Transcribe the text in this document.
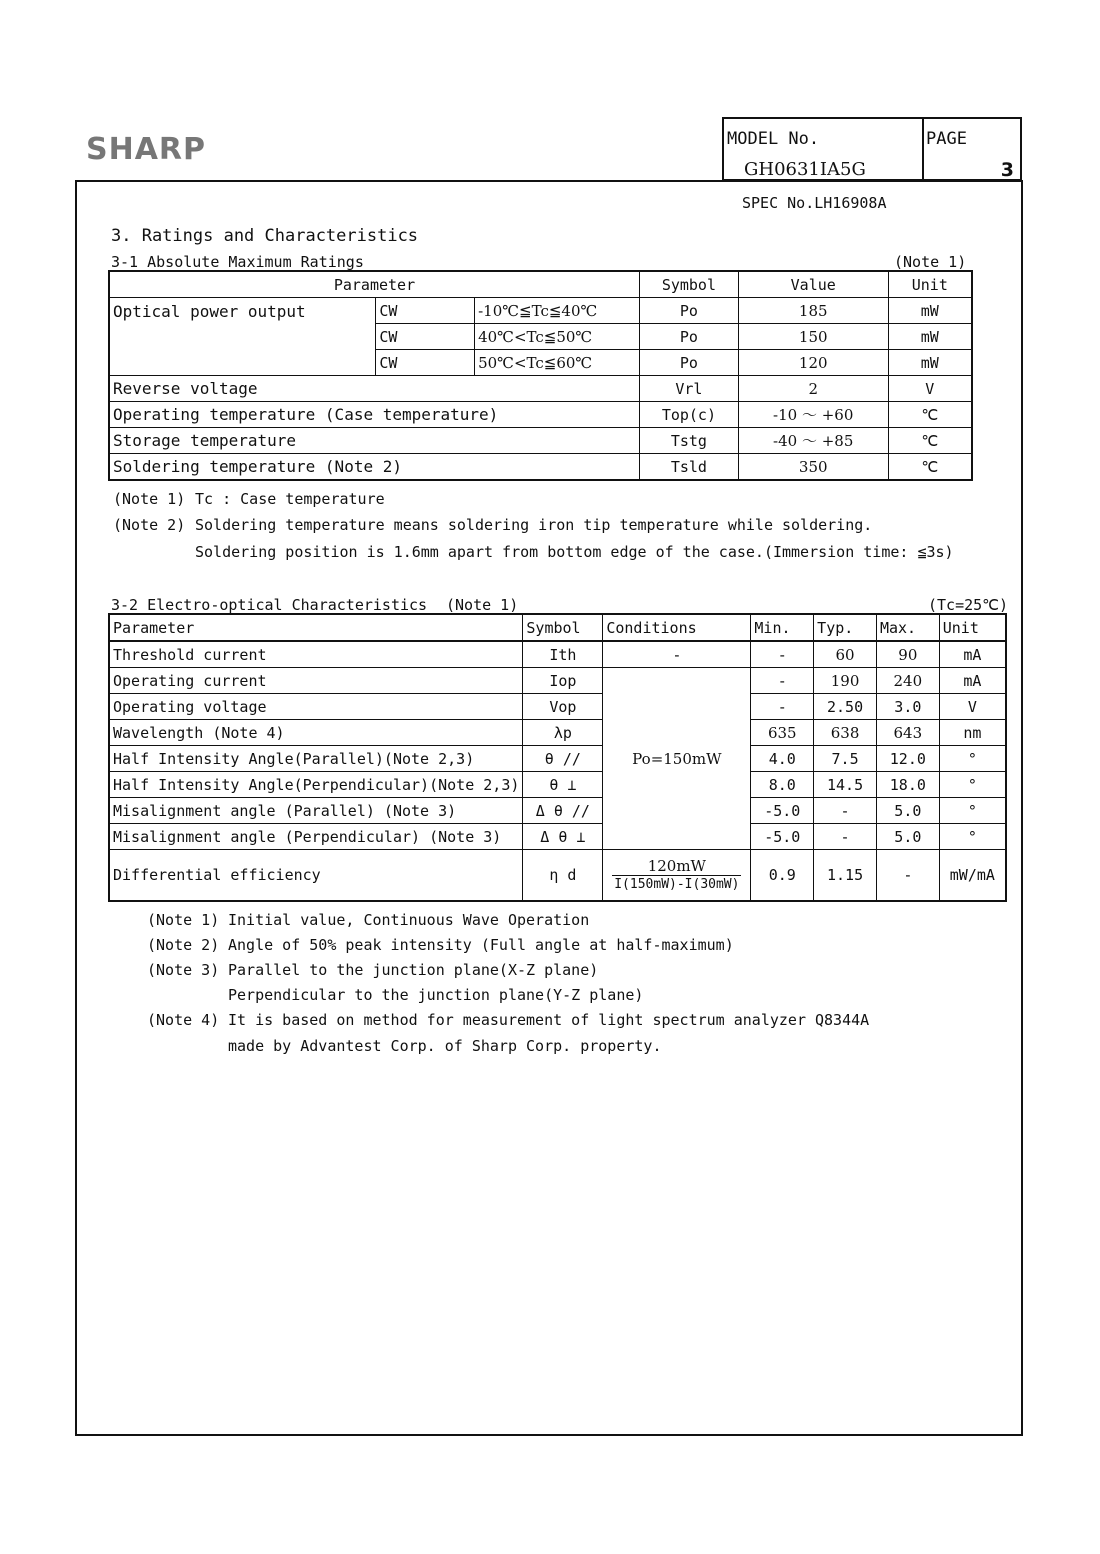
SHARP	MODEL No.
GH0631IA5G
PAGE
3
SPEC No.LH16908A
3. Ratings and Characteristics
3-1 Absolute Maximum Ratings	(Note 1)
Parameter			Symbol	Value	Unit
Optical power output	CW	-10℃≦Tc≦40℃	Po	185	mW
	CW	40℃<Tc≦50℃	Po	150	mW
	CW	50℃<Tc≦60℃	Po	120	mW
Reverse voltage			Vrl	2	V
Operating temperature (Case temperature)			Top(c)	-10 ～ +60	℃
Storage temperature			Tstg	-40 ～ +85	℃
Soldering temperature (Note 2)			Tsld	350	℃
(Note 1) Tc : Case temperature
(Note 2) Soldering temperature means soldering iron tip temperature while soldering.
Soldering position is 1.6mm apart from bottom edge of the case.(Immersion time: ≦3s)
3-2 Electro-optical Characteristics (Note 1)	(Tc=25℃)
Parameter	Symbol	Conditions	Min.	Typ.	Max.	Unit
Threshold current	Ith	-	-	60	90	mA
Operating current	Iop	Po=150mW	-	190	240	mA
Operating voltage	Vop		-	2.50	3.0	V
Wavelength (Note 4)	λp		635	638	643	nm
Half Intensity Angle(Parallel)(Note 2,3)	θ //		4.0	7.5	12.0	°
Half Intensity Angle(Perpendicular)(Note 2,3)	θ ⊥		8.0	14.5	18.0	°
Misalignment angle (Parallel) (Note 3)	Δ θ //		-5.0	-	5.0	°
Misalignment angle (Perpendicular) (Note 3)	Δ θ ⊥		-5.0	-	5.0	°
Differential efficiency	η d	$\frac{120mW}{I(150mW)-I(30mW)}$	0.9	1.15	-	mW/mA
(Note 1) Initial value, Continuous Wave Operation
(Note 2) Angle of 50% peak intensity (Full angle at half-maximum)
(Note 3) Parallel to the junction plane(X-Z plane)
Perpendicular to the junction plane(Y-Z plane)
(Note 4) It is based on method for measurement of light spectrum analyzer Q8344A
made by Advantest Corp. of Sharp Corp. property.
